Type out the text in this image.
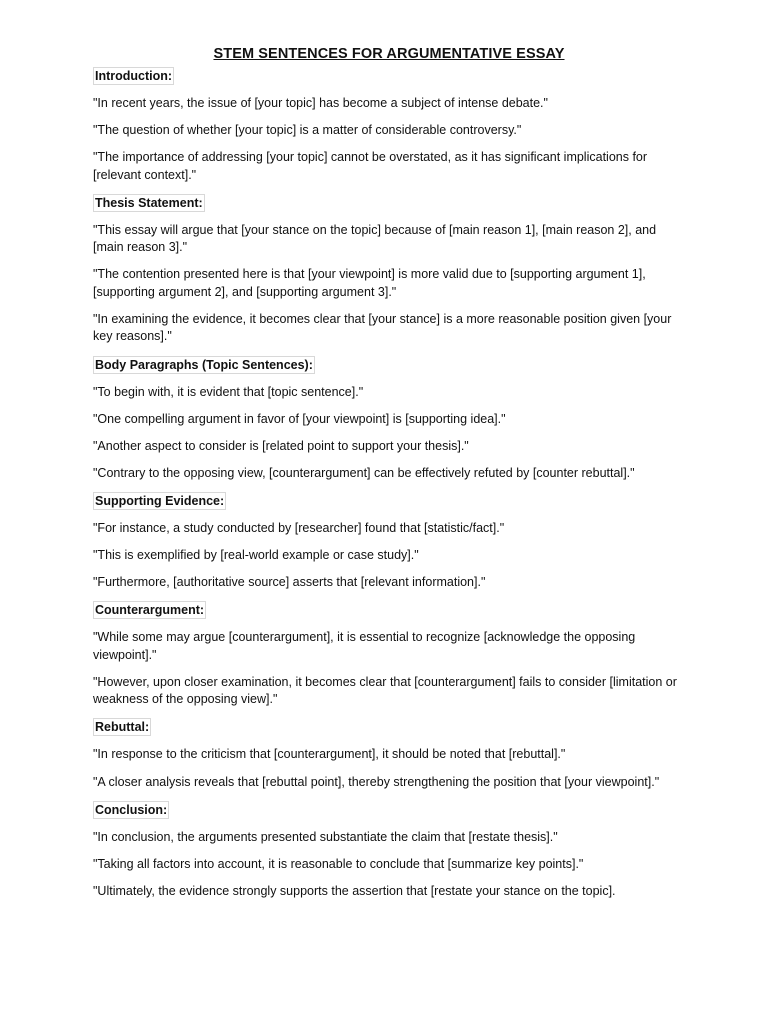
STEM SENTENCES FOR ARGUMENTATIVE ESSAY
Introduction:

"In recent years, the issue of [your topic] has become a subject of intense debate."

"The question of whether [your topic] is a matter of considerable controversy."

"The importance of addressing [your topic] cannot be overstated, as it has significant implications for [relevant context]."

Thesis Statement:

"This essay will argue that [your stance on the topic] because of [main reason 1], [main reason 2], and [main reason 3]."

"The contention presented here is that [your viewpoint] is more valid due to [supporting argument 1], [supporting argument 2], and [supporting argument 3]."

"In examining the evidence, it becomes clear that [your stance] is a more reasonable position given [your key reasons]."

Body Paragraphs (Topic Sentences):

"To begin with, it is evident that [topic sentence]."

"One compelling argument in favor of [your viewpoint] is [supporting idea]."

"Another aspect to consider is [related point to support your thesis]."

"Contrary to the opposing view, [counterargument] can be effectively refuted by [counter rebuttal]."

Supporting Evidence:

"For instance, a study conducted by [researcher] found that [statistic/fact]."

"This is exemplified by [real-world example or case study]."

"Furthermore, [authoritative source] asserts that [relevant information]."

Counterargument:

"While some may argue [counterargument], it is essential to recognize [acknowledge the opposing viewpoint]."

"However, upon closer examination, it becomes clear that [counterargument] fails to consider [limitation or weakness of the opposing view]."

Rebuttal:

"In response to the criticism that [counterargument], it should be noted that [rebuttal]."

"A closer analysis reveals that [rebuttal point], thereby strengthening the position that [your viewpoint]."

Conclusion:

"In conclusion, the arguments presented substantiate the claim that [restate thesis]."

"Taking all factors into account, it is reasonable to conclude that [summarize key points]."

"Ultimately, the evidence strongly supports the assertion that [restate your stance on the topic].
